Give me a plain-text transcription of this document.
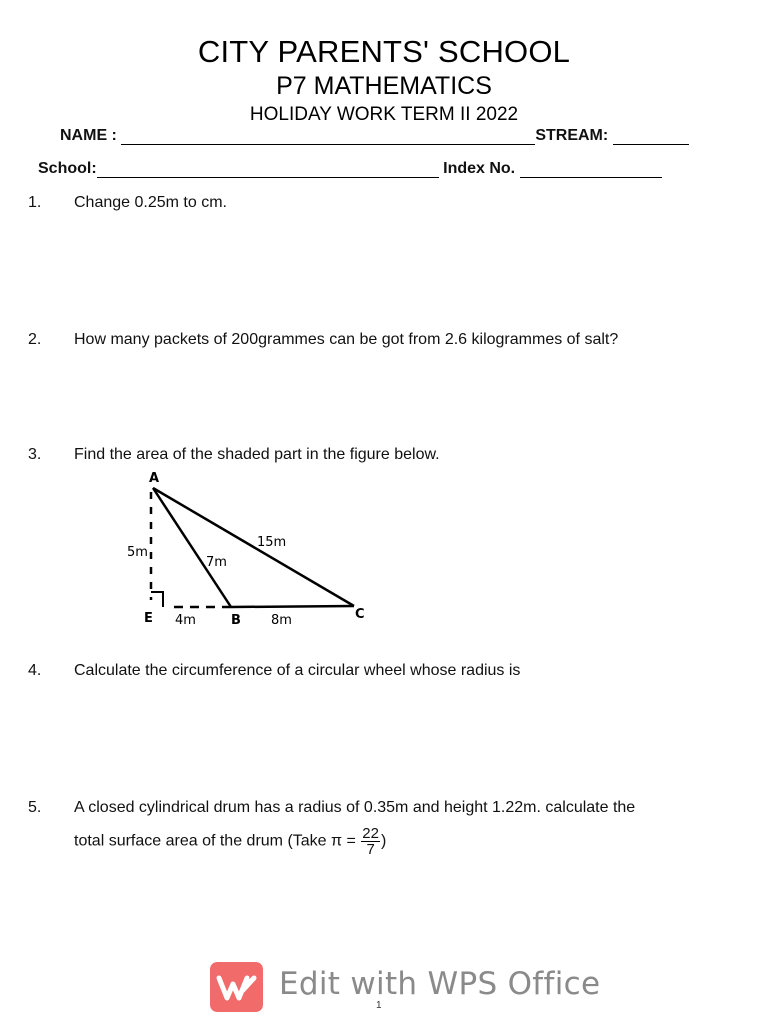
CITY PARENTS' SCHOOL
P7 MATHEMATICS
HOLIDAY WORK TERM II 2022
NAME :	STREAM:
School:	Index No.
1. Change 0.25m to cm.
2. How many packets of 200grammes can be got from 2.6 kilogrammes of salt?
3. Find the area of the shaded part in the figure below.
A
E	B	C
5m
7m
15m
4m	8m
4. Calculate the circumference of a circular wheel whose radius is
5. A closed cylindrical drum has a radius of 0.35m and height 1.22m. calculate the
total surface area of the drum (Take $\pi = \frac{22}{7}$ )
Edit with WPS Office
1
